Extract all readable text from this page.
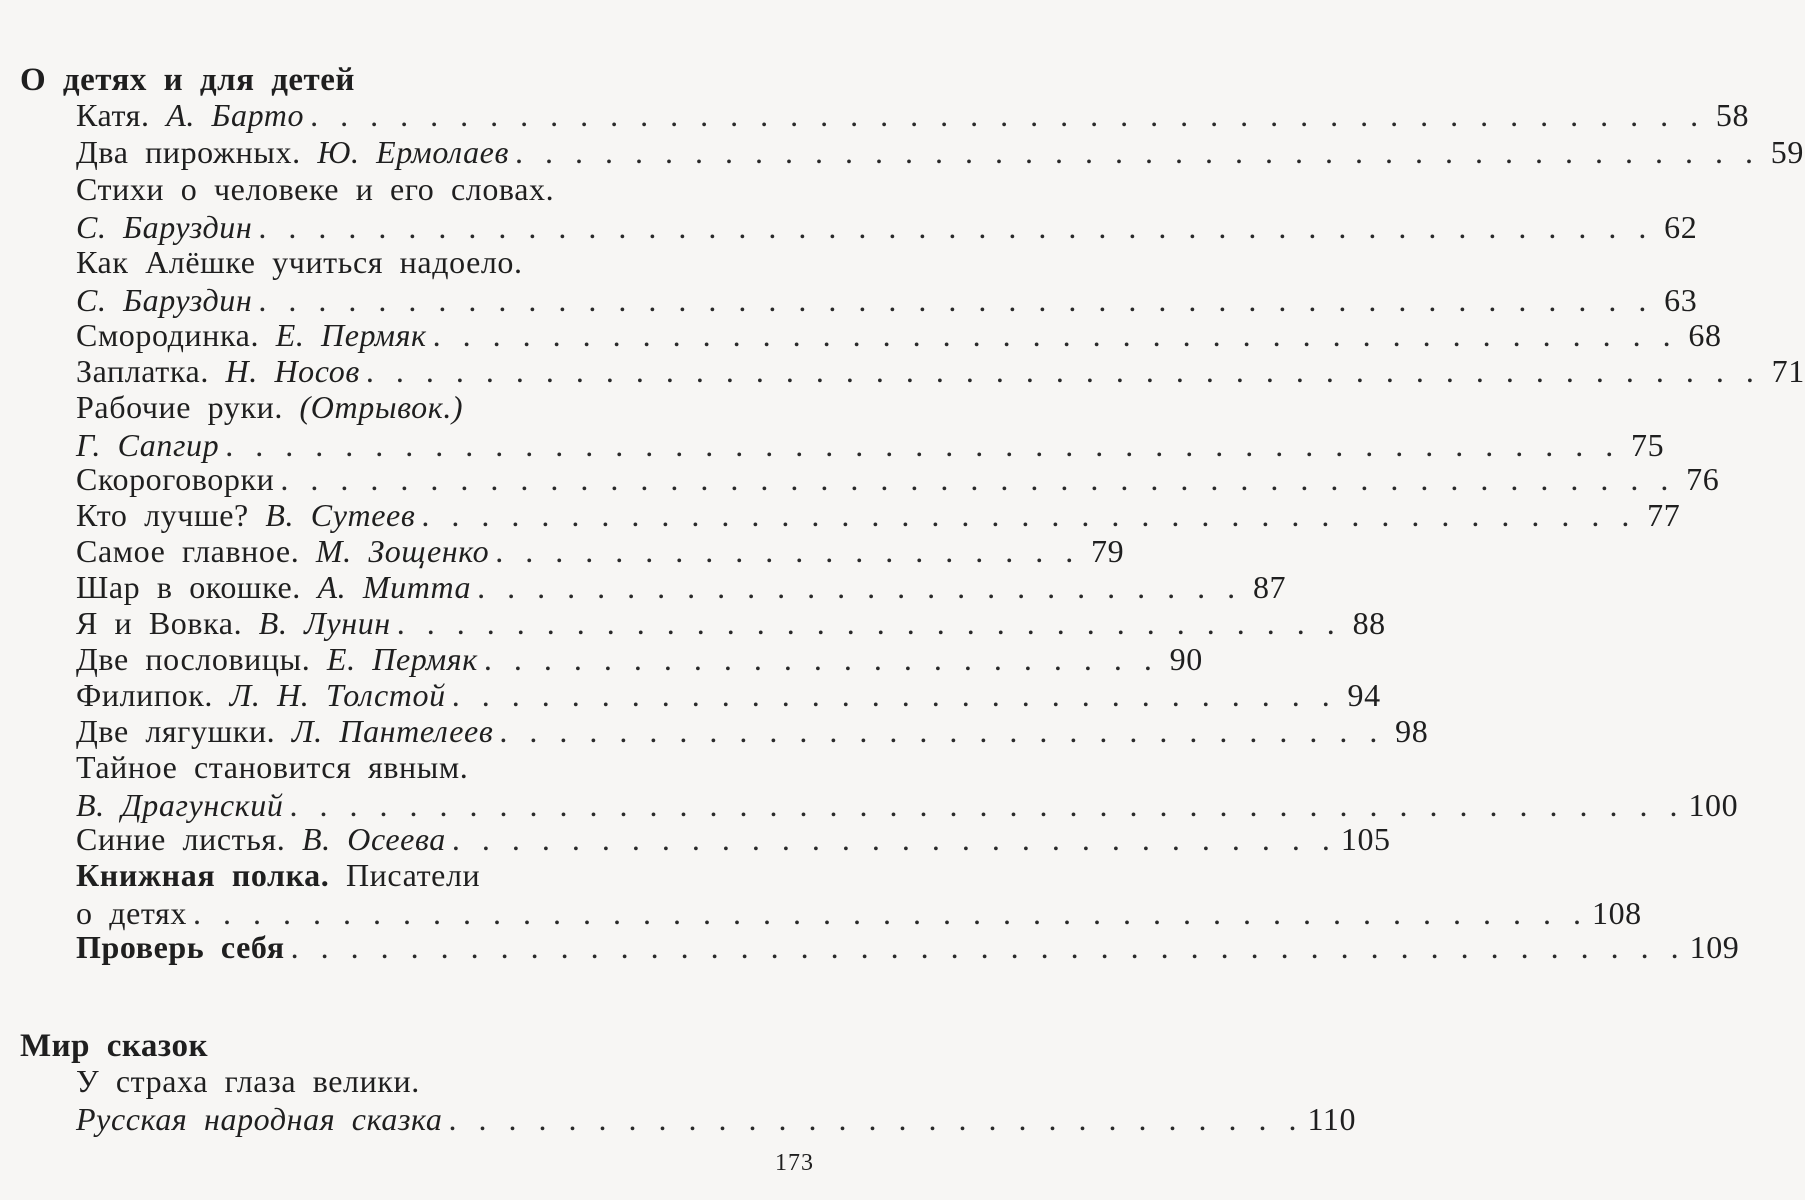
О детях и для детей
Катя. А. Барто . . . . . . . . . . . . . . . . . . . . . . . . . . . . . . . . . . . . . . . . . . . . . . . 58
Два пирожных. Ю. Ермолаев . . . . . . . . . . . . . . . . . . . . . . . . . . . . . . . . . . . . . . . . . . 59
Стихи о человеке и его словах.
С. Баруздин . . . . . . . . . . . . . . . . . . . . . . . . . . . . . . . . . . . . . . . . . . . . . . . 62
Как Алёшке учиться надоело.
С. Баруздин . . . . . . . . . . . . . . . . . . . . . . . . . . . . . . . . . . . . . . . . . . . . . . . 63
Смородинка. Е. Пермяк . . . . . . . . . . . . . . . . . . . . . . . . . . . . . . . . . . . . . . . . . . 68
Заплатка. Н. Носов . . . . . . . . . . . . . . . . . . . . . . . . . . . . . . . . . . . . . . . . . . . . . . . 71
Рабочие руки. (Отрывок.)
Г. Сапгир . . . . . . . . . . . . . . . . . . . . . . . . . . . . . . . . . . . . . . . . . . . . . . . 75
Скороговорки . . . . . . . . . . . . . . . . . . . . . . . . . . . . . . . . . . . . . . . . . . . . . . . 76
Кто лучше? В. Сутеев . . . . . . . . . . . . . . . . . . . . . . . . . . . . . . . . . . . . . . . . . 77
Самое главное. М. Зощенко . . . . . . . . . . . . . . . . . . . . 79
Шар в окошке. А. Митта . . . . . . . . . . . . . . . . . . . . . . . . . . 87
Я и Вовка. В. Лунин . . . . . . . . . . . . . . . . . . . . . . . . . . . . . . . . 88
Две пословицы. Е. Пермяк . . . . . . . . . . . . . . . . . . . . . . . 90
Филипок. Л. Н. Толстой . . . . . . . . . . . . . . . . . . . . . . . . . . . . . . 94
Две лягушки. Л. Пантелеев . . . . . . . . . . . . . . . . . . . . . . . . . . . . . . 98
Тайное становится явным.
В. Драгунский . . . . . . . . . . . . . . . . . . . . . . . . . . . . . . . . . . . . . . . . . . . . . . . 100
Синие листья. В. Осеева . . . . . . . . . . . . . . . . . . . . . . . . . . . . . . 105
Книжная полка. Писатели
о детях . . . . . . . . . . . . . . . . . . . . . . . . . . . . . . . . . . . . . . . . . . . . . . . 108
Проверь себя . . . . . . . . . . . . . . . . . . . . . . . . . . . . . . . . . . . . . . . . . . . . . . . 109
Мир сказок
У страха глаза велики.
Русская народная сказка . . . . . . . . . . . . . . . . . . . . . . . . . . . . . 110
173
